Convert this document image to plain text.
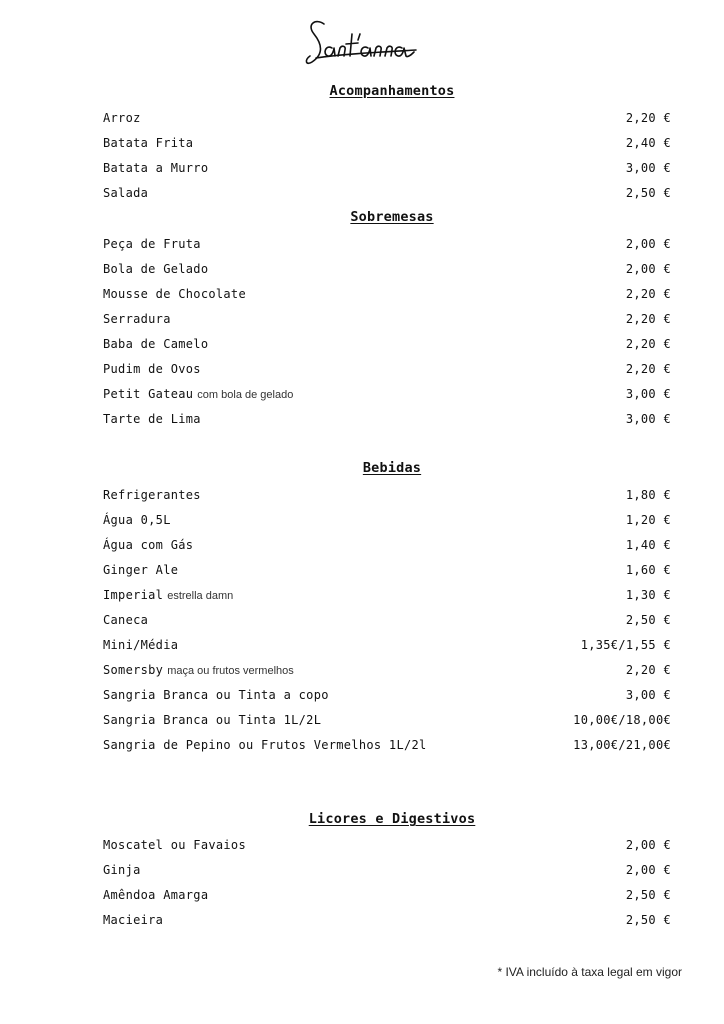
Acompanhamentos
Arroz	2,20 €
Batata Frita	2,40 €
Batata a Murro	3,00 €
Salada	2,50 €
Sobremesas
Peça de Fruta	2,00 €
Bola de Gelado	2,00 €
Mousse de Chocolate	2,20 €
Serradura	2,20 €
Baba de Camelo	2,20 €
Pudim de Ovos	2,20 €
Petit Gateau com bola de gelado	3,00 €
Tarte de Lima	3,00 €
Bebidas
Refrigerantes	1,80 €
Água 0,5L	1,20 €
Água com Gás	1,40 €
Ginger Ale	1,60 €
Imperial estrella damn	1,30 €
Caneca	2,50 €
Mini/Média	1,35€/1,55 €
Somersby maça ou frutos vermelhos	2,20 €
Sangria Branca ou Tinta a copo	3,00 €
Sangria Branca ou Tinta 1L/2L	10,00€/18,00€
Sangria de Pepino ou Frutos Vermelhos 1L/2l	13,00€/21,00€
Licores e Digestivos
Moscatel ou Favaios	2,00 €
Ginja	2,00 €
Amêndoa Amarga	2,50 €
Macieira	2,50 €
* IVA incluído à taxa legal em vigor
